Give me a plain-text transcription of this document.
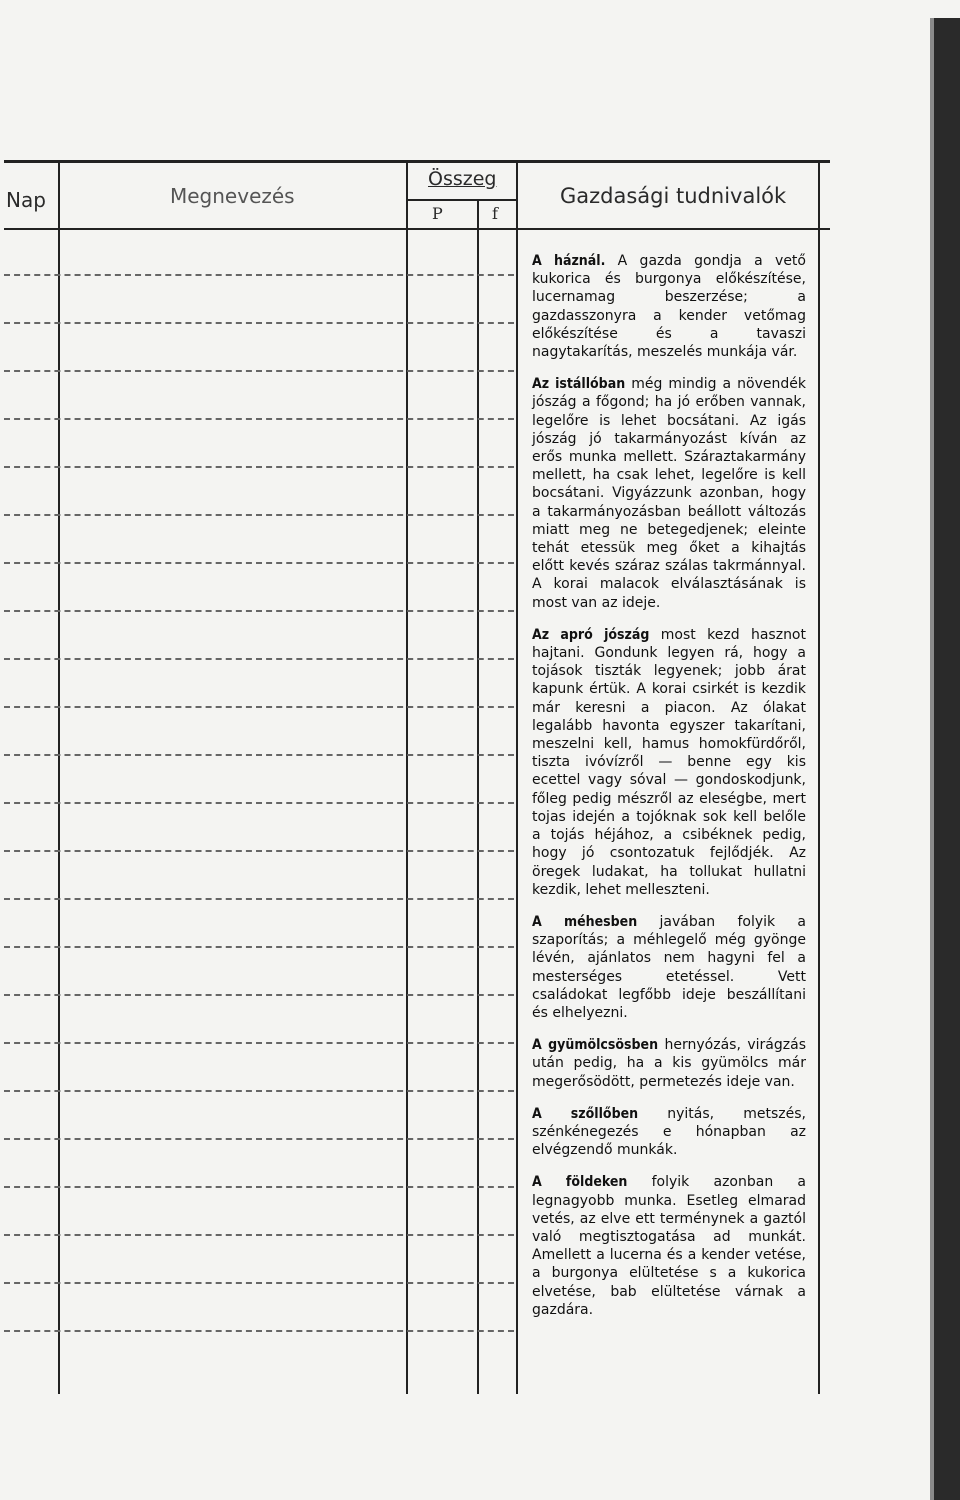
Nap	Megnevezés
Összeg
P	f
Gazdasági tudnivalók

A háznál. A gazda gondja a vető kukorica és burgonya előkészítése, lucernamag beszerzése; a gazdasszonyra a kender vetőmag előkészítése és a tavaszi nagytakarítás, meszelés munkája vár.

Az istállóban még mindig a növendék jószág a főgond; ha jó erőben vannak, legelőre is lehet bocsátani. Az igás jószág jó takarmányozást kíván az erős munka mellett. Száraztakarmány mellett, ha csak lehet, legelőre is kell bocsátani. Vigyázzunk azonban, hogy a takarmányozásban beállott változás miatt meg ne betegedjenek; eleinte tehát etessük meg őket a kihajtás előtt kevés száraz szálas takrmánnyal. A korai malacok elválasztásának is most van az ideje.

Az apró jószág most kezd hasznot hajtani. Gondunk legyen rá, hogy a tojások tiszták legyenek; jobb árat kapunk értük. A korai csirkét is kezdik már keresni a piacon. Az ólakat legalább havonta egyszer takarítani, meszelni kell, hamus homokfürdőről, tiszta ivóvízről — benne egy kis ecettel vagy sóval — gondoskodjunk, főleg pedig mészről az eleségbe, mert tojas idején a tojóknak sok kell belőle a tojás héjához, a csibéknek pedig, hogy jó csontozatuk fejlődjék. Az öregek ludakat, ha tollukat hullatni kezdik, lehet melleszteni.

A méhesben javában folyik a szaporítás; a méhlegelő még gyönge lévén, ajánlatos nem hagyni fel a mesterséges etetéssel. Vett családokat legfőbb ideje beszállítani és elhelyezni.

A gyümölcsösben hernyózás, virágzás után pedig, ha a kis gyümölcs már megerősödött, permetezés ideje van.

A szőllőben nyitás, metszés, szénkénegezés e hónapban az elvégzendő munkák.

A földeken folyik azonban a legnagyobb munka. Esetleg elmarad vetés, az elve ett terménynek a gaztól való megtisztogatása ad munkát. Amellett a lucerna és a kender vetése, a burgonya elültetése s a kukorica elvetése, bab elültetése várnak a gazdára.
